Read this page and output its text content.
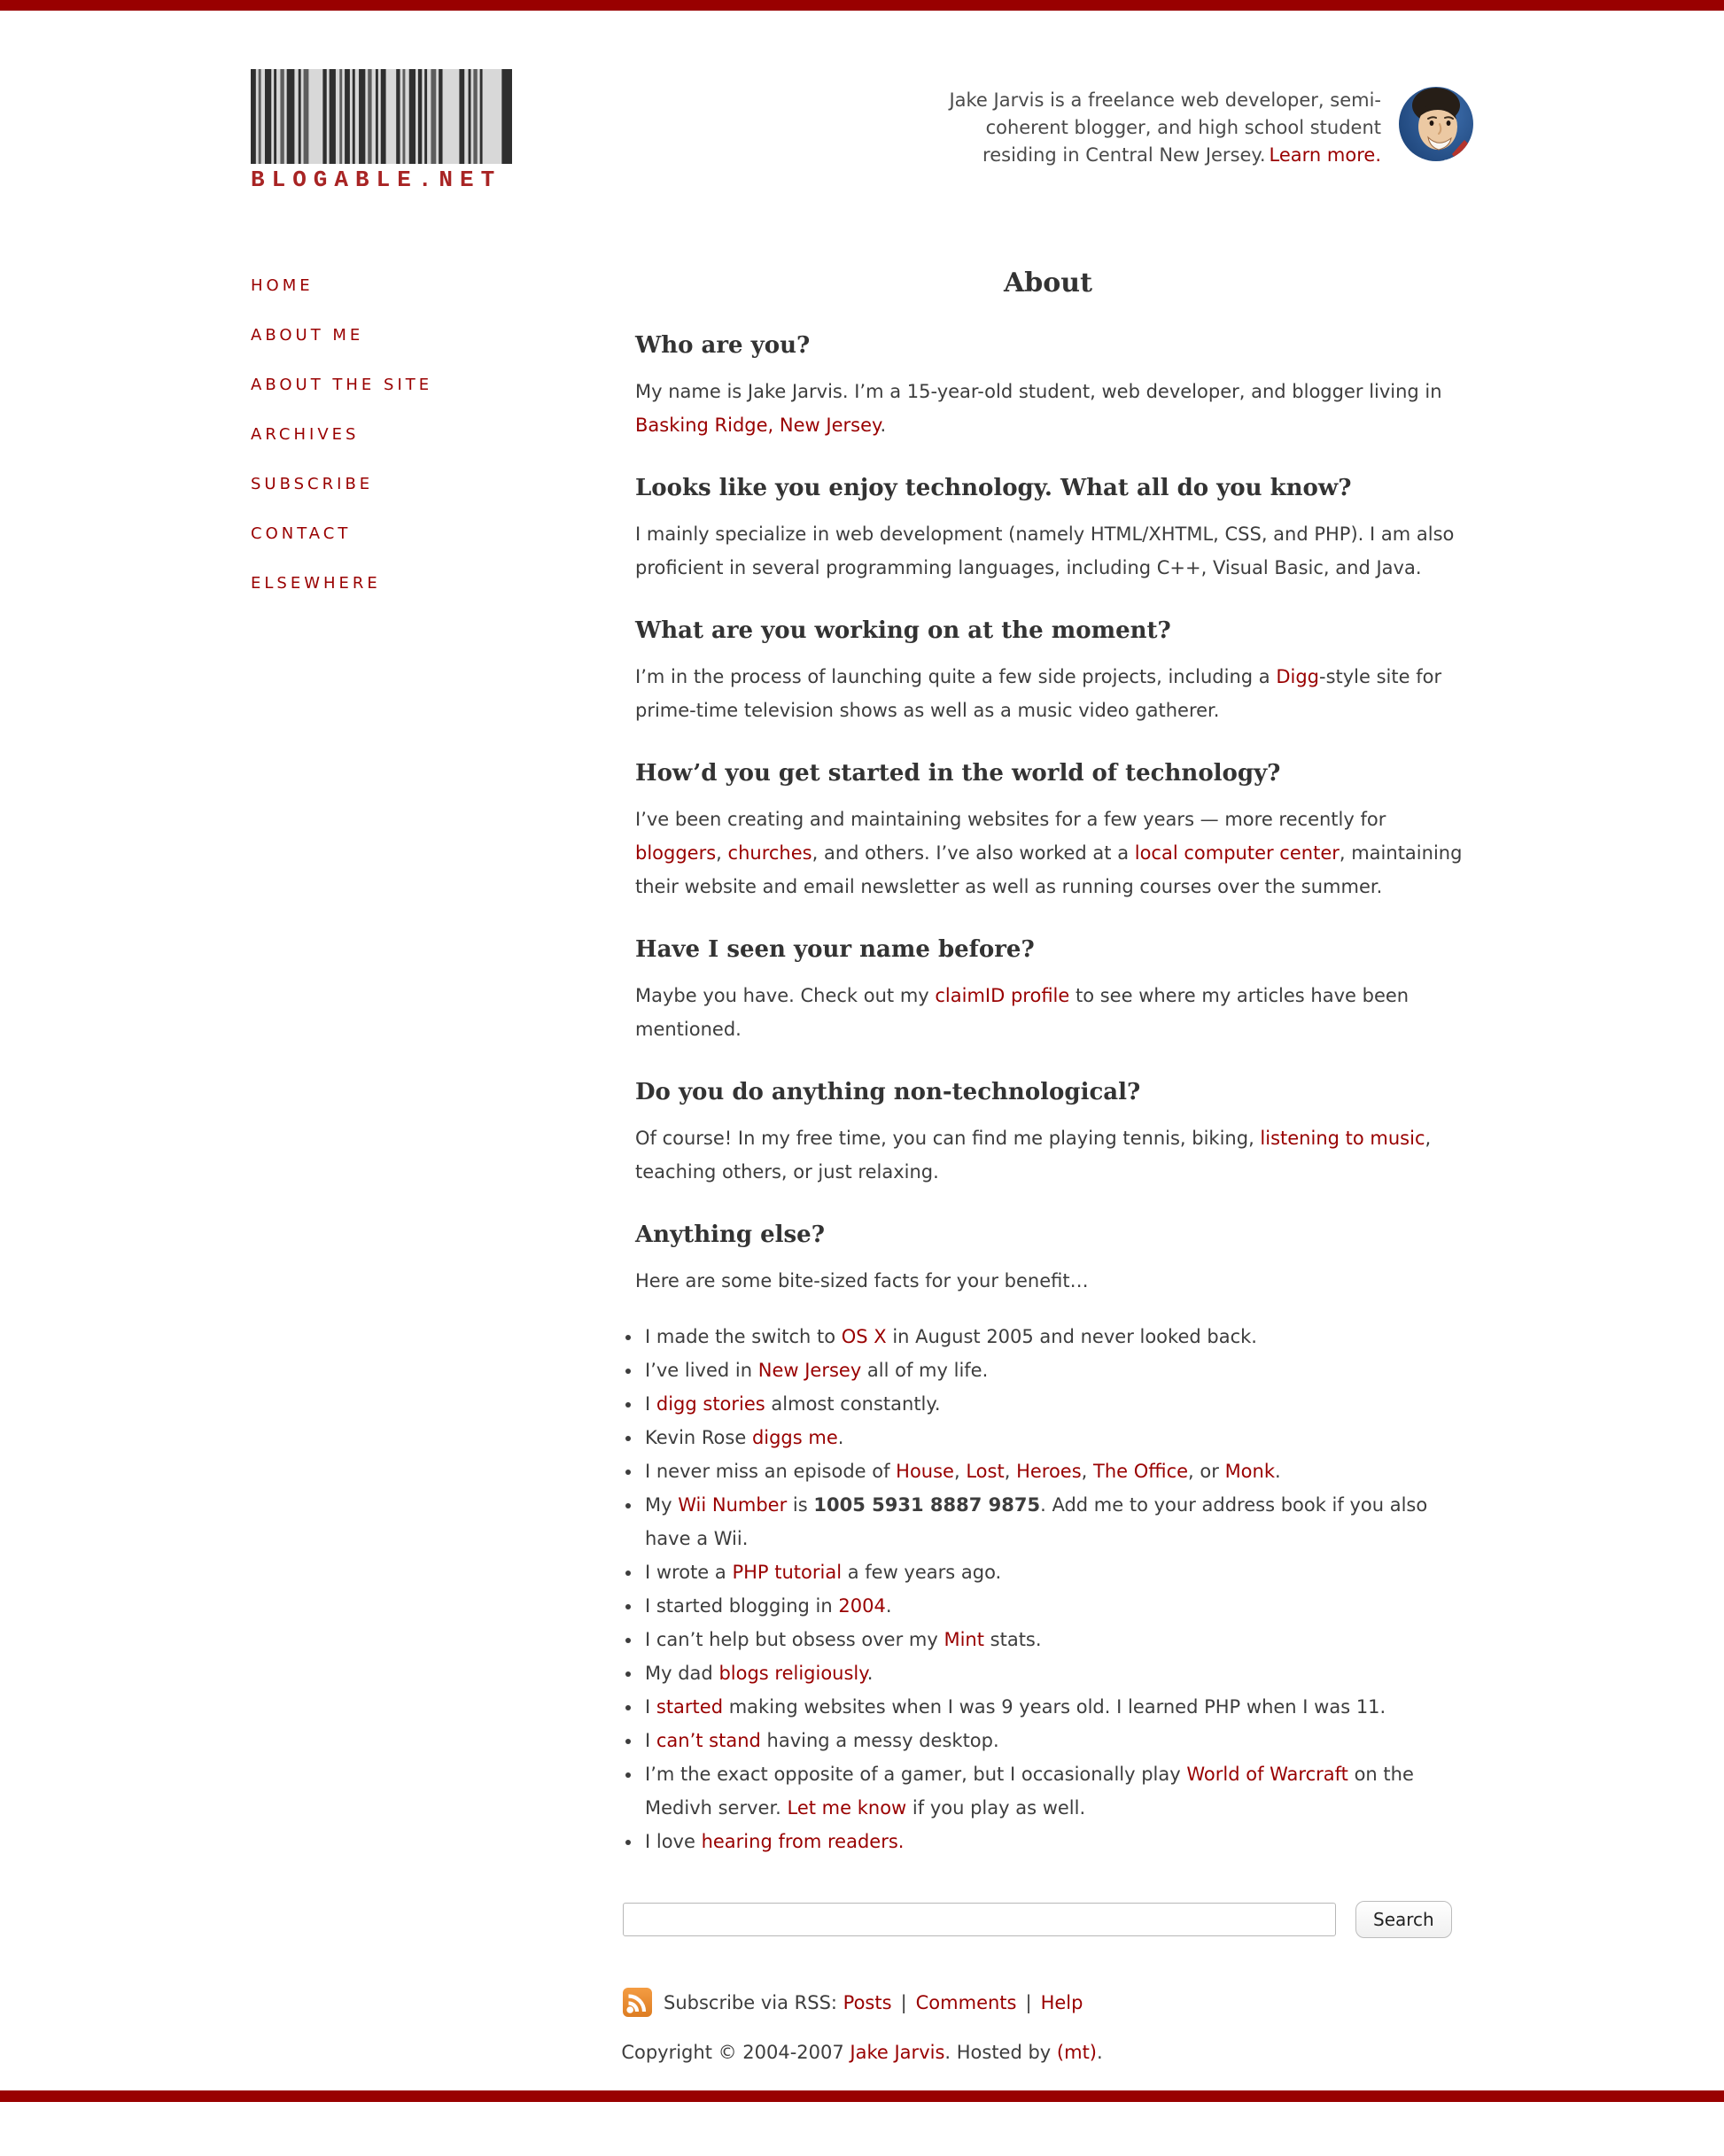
BLOGABLE.NET

Jake Jarvis is a freelance web developer, semi-
coherent blogger, and high school student
residing in Central New Jersey. Learn more.

HOME
ABOUT ME
ABOUT THE SITE
ARCHIVES
SUBSCRIBE
CONTACT
ELSEWHERE
About
Who are you?

My name is Jake Jarvis. I’m a 15-year-old student, web developer, and blogger living in Basking Ridge, New Jersey.

Looks like you enjoy technology. What all do you know?

I mainly specialize in web development (namely HTML/XHTML, CSS, and PHP). I am also proficient in several programming languages, including C++, Visual Basic, and Java.

What are you working on at the moment?

I’m in the process of launching quite a few side projects, including a Digg-style site for prime-time television shows as well as a music video gatherer.

How’d you get started in the world of technology?

I’ve been creating and maintaining websites for a few years — more recently for bloggers, churches, and others. I’ve also worked at a local computer center, maintaining their website and email newsletter as well as running courses over the summer.

Have I seen your name before?

Maybe you have. Check out my claimID profile to see where my articles have been mentioned.

Do you do anything non-technological?

Of course! In my free time, you can find me playing tennis, biking, listening to music, teaching others, or just relaxing.

Anything else?

Here are some bite-sized facts for your benefit…

• I made the switch to OS X in August 2005 and never looked back.
• I’ve lived in New Jersey all of my life.
• I digg stories almost constantly.
• Kevin Rose diggs me.
• I never miss an episode of House, Lost, Heroes, The Office, or Monk.
• My Wii Number is 1005 5931 8887 9875. Add me to your address book if you also have a Wii.
• I wrote a PHP tutorial a few years ago.
• I started blogging in 2004.
• I can’t help but obsess over my Mint stats.
• My dad blogs religiously.
• I started making websites when I was 9 years old. I learned PHP when I was 11.
• I can’t stand having a messy desktop.
• I’m the exact opposite of a gamer, but I occasionally play World of Warcraft on the Medivh server. Let me know if you play as well.
• I love hearing from readers.
Search
Subscribe via RSS:
Posts | Comments | Help
Copyright © 2004-2007 Jake Jarvis. Hosted by (mt).
